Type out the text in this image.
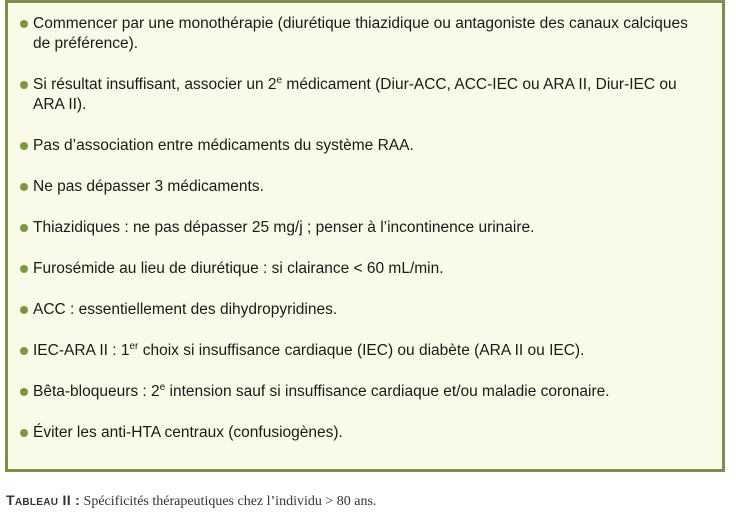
Commencer par une monothérapie (diurétique thiazidique ou antagoniste des canaux calciques de préférence).
Si résultat insuffisant, associer un 2e médicament (Diur-ACC, ACC-IEC ou ARA II, Diur-IEC ou ARA II).
Pas d’association entre médicaments du système RAA.
Ne pas dépasser 3 médicaments.
Thiazidiques : ne pas dépasser 25 mg/j ; penser à l’incontinence urinaire.
Furosémide au lieu de diurétique : si clairance < 60 mL/min.
ACC : essentiellement des dihydropyridines.
IEC-ARA II : 1er choix si insuffisance cardiaque (IEC) ou diabète (ARA II ou IEC).
Bêta-bloqueurs : 2e intension sauf si insuffisance cardiaque et/ou maladie coronaire.
Éviter les anti-HTA centraux (confusiogènes).
Tableau II : Spécificités thérapeutiques chez l’individu > 80 ans.
